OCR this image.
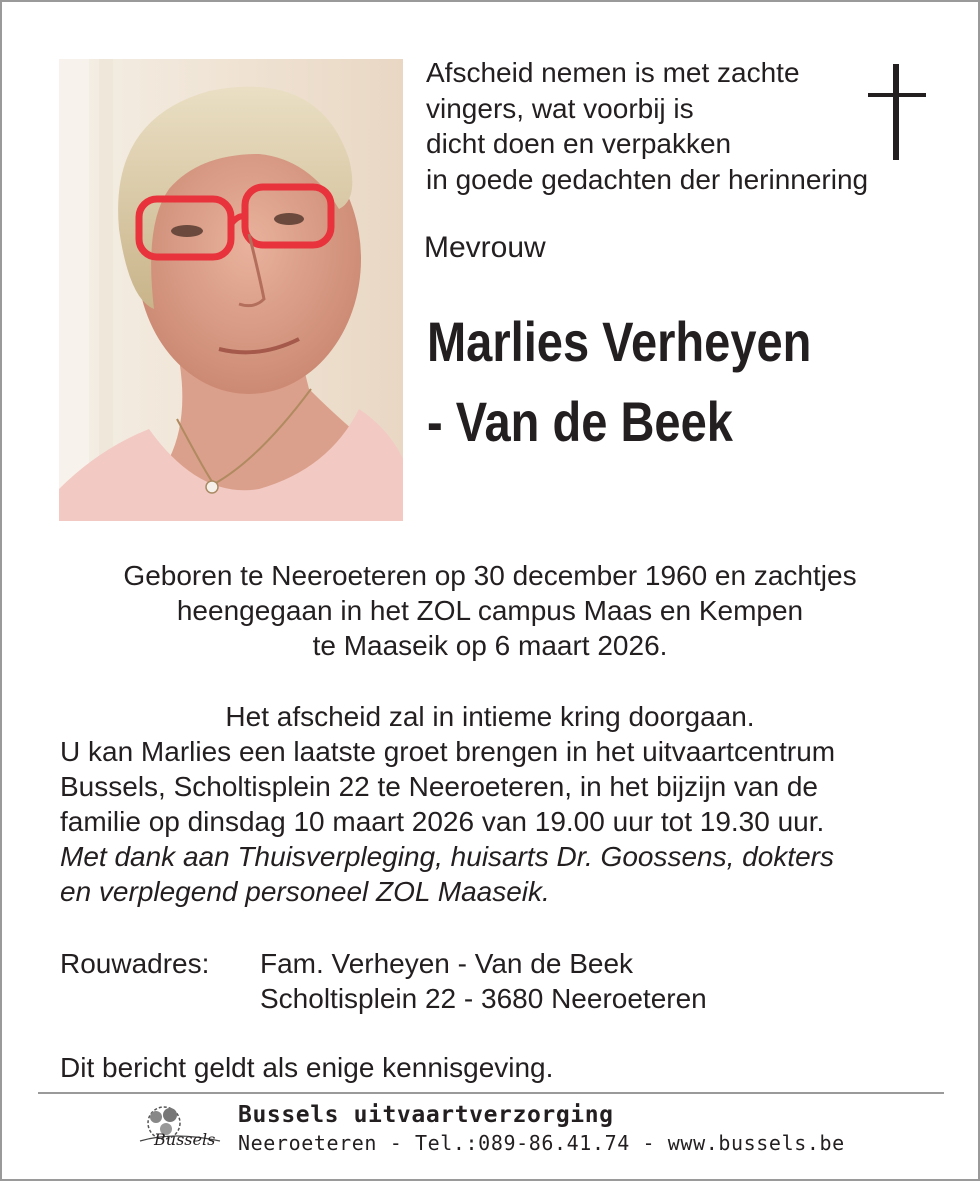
Afscheid nemen is met zachte
vingers, wat voorbij is
dicht doen en verpakken
in goede gedachten der herinnering
Mevrouw
Marlies Verheyen
- Van de Beek
Geboren te Neeroeteren op 30 december 1960 en zachtjes
heengegaan in het ZOL campus Maas en Kempen
te Maaseik op 6 maart 2026.
Het afscheid zal in intieme kring doorgaan.
U kan Marlies een laatste groet brengen in het uitvaartcentrum
Bussels, Scholtisplein 22 te Neeroeteren, in het bijzijn van de
familie op dinsdag 10 maart 2026 van 19.00 uur tot 19.30 uur.
Met dank aan Thuisverpleging, huisarts Dr. Goossens, dokters
en verplegend personeel ZOL Maaseik.
Rouwadres: Fam. Verheyen - Van de Beek
Scholtisplein 22 - 3680 Neeroeteren
Dit bericht geldt als enige kennisgeving.
Bussels
Bussels uitvaartverzorging
Neeroeteren - Tel.:089-86.41.74 - www.bussels.be
